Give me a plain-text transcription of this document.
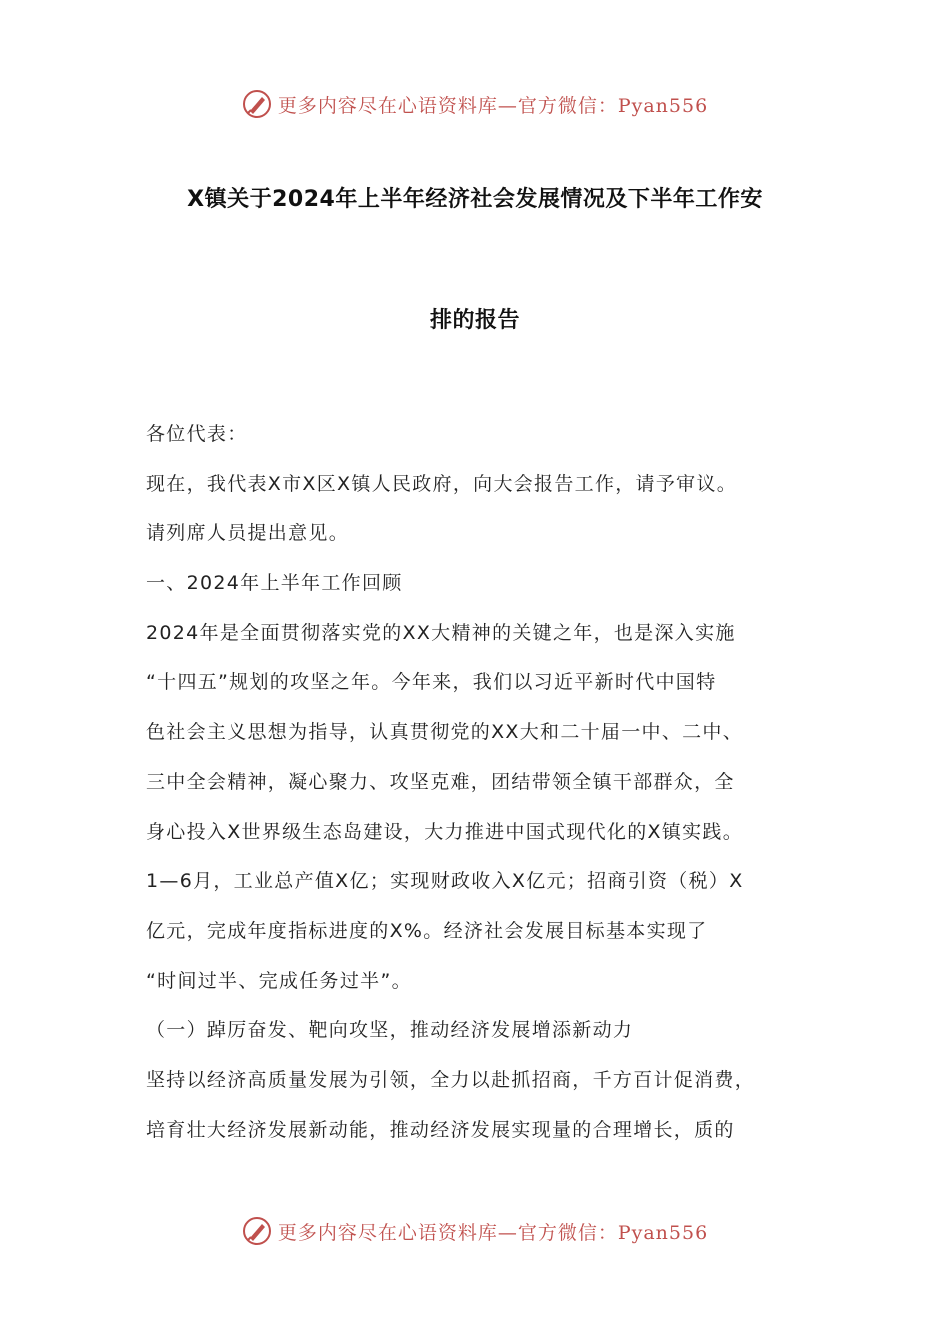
更多内容尽在心语资料库—官方微信：Pyan556
X镇关于2024年上半年经济社会发展情况及下半年工作安
排的报告

各位代表：

现在，我代表X市X区X镇人民政府，向大会报告工作，请予审议。

请列席人员提出意见。

一、2024年上半年工作回顾

2024年是全面贯彻落实党的XX大精神的关键之年，也是深入实施

“十四五”规划的攻坚之年。今年来，我们以习近平新时代中国特

色社会主义思想为指导，认真贯彻党的XX大和二十届一中、二中、

三中全会精神，凝心聚力、攻坚克难，团结带领全镇干部群众，全

身心投入X世界级生态岛建设，大力推进中国式现代化的X镇实践。

1—6月，工业总产值X亿；实现财政收入X亿元；招商引资（税）X

亿元，完成年度指标进度的X%。经济社会发展目标基本实现了

“时间过半、完成任务过半”。

（一）踔厉奋发、靶向攻坚，推动经济发展增添新动力

坚持以经济高质量发展为引领，全力以赴抓招商，千方百计促消费，

培育壮大经济发展新动能，推动经济发展实现量的合理增长，质的

更多内容尽在心语资料库—官方微信：Pyan556
